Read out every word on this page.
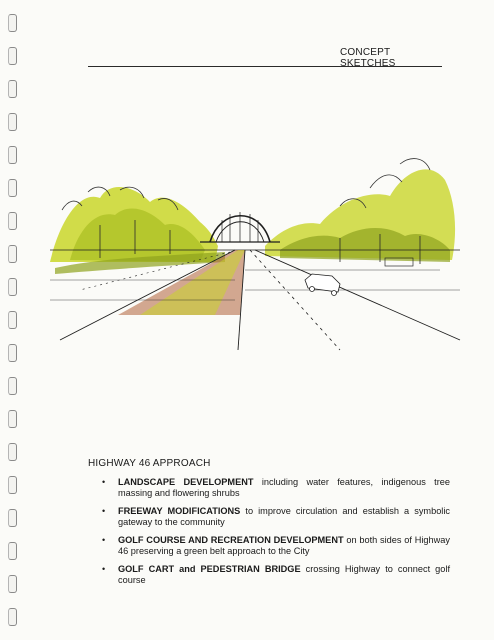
CONCEPT SKETCHES
HIGHWAY 46 APPROACH
• LANDSCAPE DEVELOPMENT including water features, indigenous tree massing and flowering shrubs
• FREEWAY MODIFICATIONS to improve circulation and establish a symbolic gateway to the community
• GOLF COURSE AND RECREATION DEVELOPMENT on both sides of Highway 46 preserving a green belt approach to the City
• GOLF CART and PEDESTRIAN BRIDGE crossing Highway to connect golf course
